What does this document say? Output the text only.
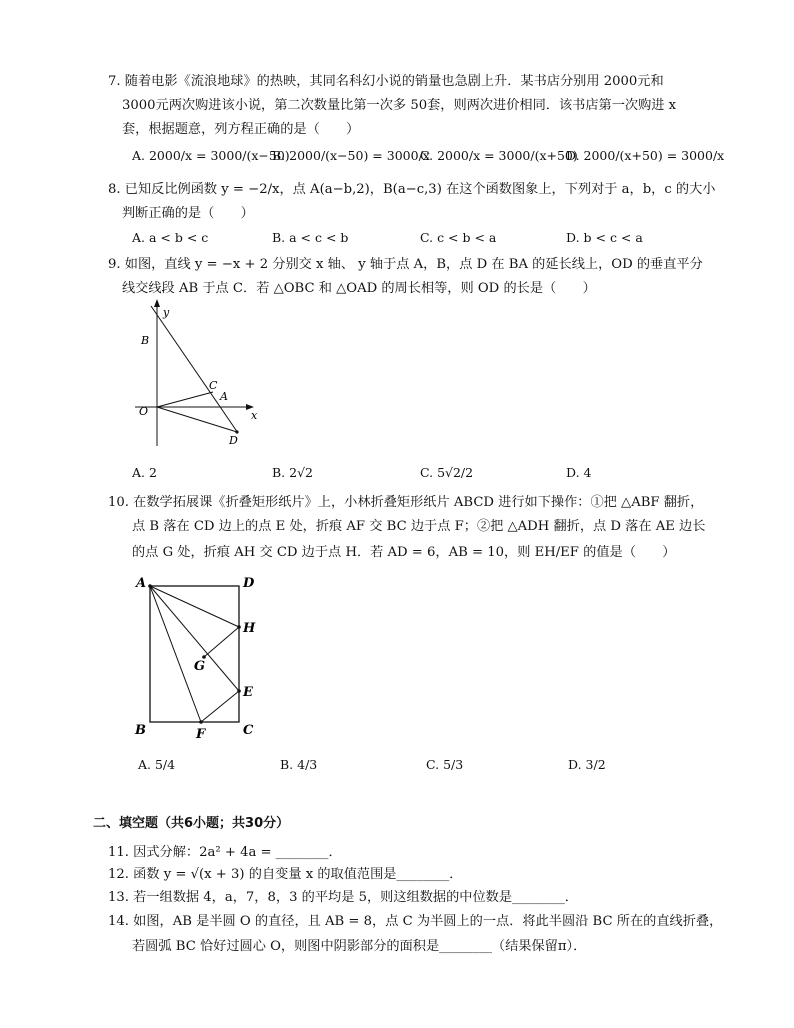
7. 随着电影《流浪地球》的热映，其同名科幻小说的销量也急剧上升．某书店分别用 2000元和
3000元两次购进该小说，第二次数量比第一次多 50套，则两次进价相同．该书店第一次购进 x
套，根据题意，列方程正确的是（　　）
A. 2000/x = 3000/(x−50)
B. 2000/(x−50) = 3000/x
C. 2000/x = 3000/(x+50)
D. 2000/(x+50) = 3000/x
8. 已知反比例函数 y = −2/x，点 A(a−b,2)，B(a−c,3) 在这个函数图象上，下列对于 a，b，c 的大小
判断正确的是（　　）
A. a < b < c	B. a < c < b	C. c < b < a	D. b < c < a
9. 如图，直线 y = −x + 2 分别交 x 轴、 y 轴于点 A，B，点 D 在 BA 的延长线上，OD 的垂直平分
线交线段 AB 于点 C．若 △OBC 和 △OAD 的周长相等，则 OD 的长是（　　）
y
x
B
C
A
O
D
A. 2	B. 2√2	C. 5√2/2	D. 4
10. 在数学拓展课《折叠矩形纸片》上，小林折叠矩形纸片 ABCD 进行如下操作：①把 △ABF 翻折，
点 B 落在 CD 边上的点 E 处，折痕 AF 交 BC 边于点 F；②把 △ADH 翻折，点 D 落在 AE 边长
的点 G 处，折痕 AH 交 CD 边于点 H．若 AD = 6，AB = 10，则 EH/EF 的值是（　　）
A	D
H
G
E
B	F	C
A. 5/4	B. 4/3	C. 5/3	D. 3/2
二、填空题（共6小题；共30分）
11. 因式分解：2a² + 4a = ________．
12. 函数 y = √(x + 3) 的自变量 x 的取值范围是________．
13. 若一组数据 4，a，7，8，3 的平均是 5，则这组数据的中位数是________．
14. 如图，AB 是半圆 O 的直径，且 AB = 8，点 C 为半圆上的一点．将此半圆沿 BC 所在的直线折叠，
若圆弧 BC 恰好过圆心 O，则图中阴影部分的面积是________（结果保留π）．
